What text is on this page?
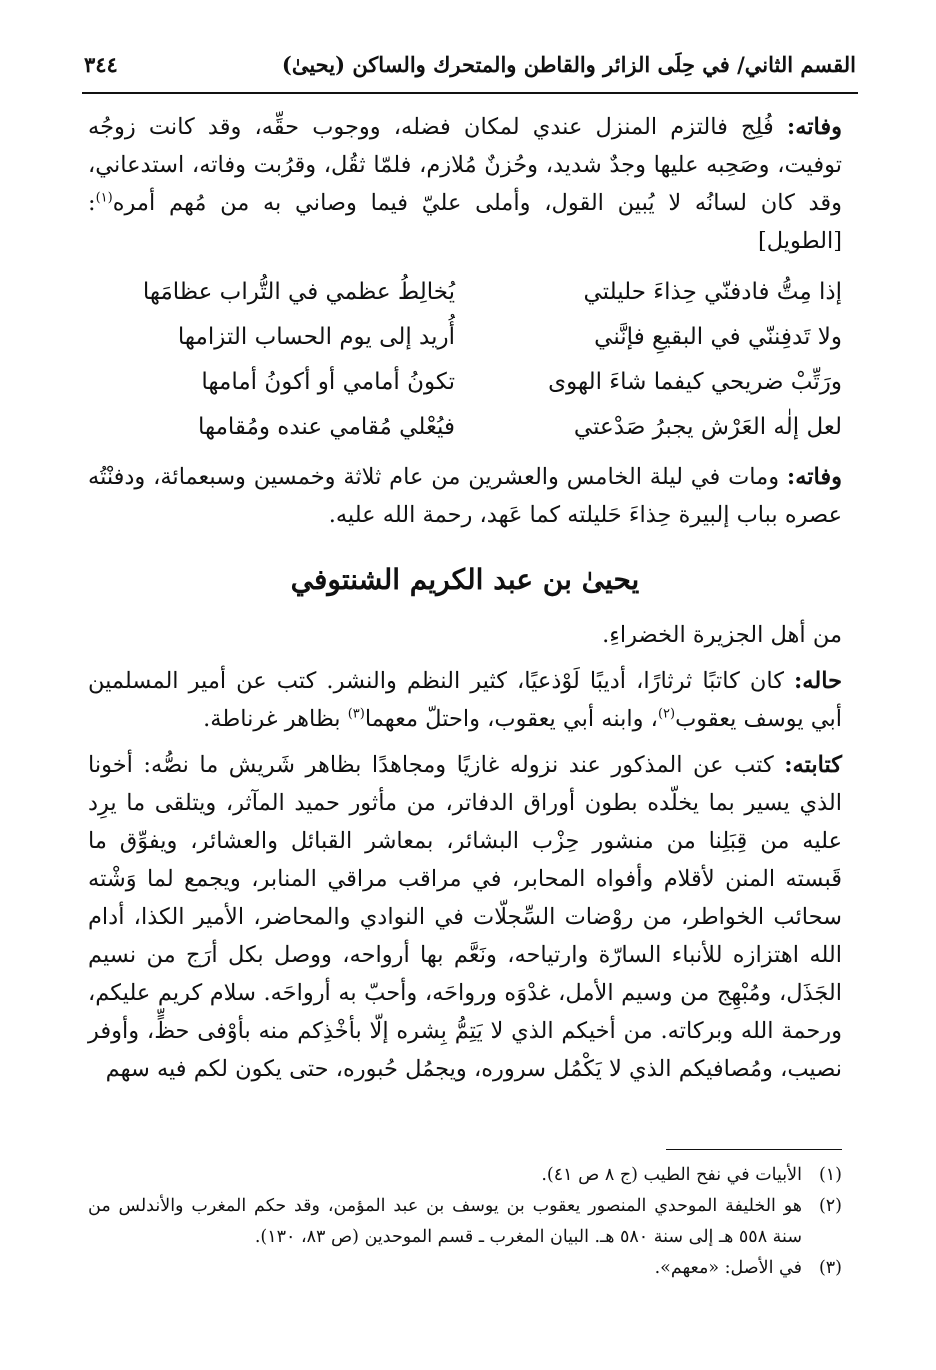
القسم الثاني/ في حِلَى الزائر والقاطن والمتحرك والساكن (يحيىٰ)
٣٤٤

وفاته: فُلِج فالتزم المنزل عندي لمكان فضله، ووجوب حقِّه، وقد كانت زوجُه توفيت، وصَحِبه عليها وجدٌ شديد، وحُزنٌ مُلازم، فلمّا ثقُل، وقرُبت وفاته، استدعاني، وقد كان لسانُه لا يُبين القول، وأملى عليّ فيما وصاني به من مُهم أمره$^{(١)}$: [الطويل]

إذا مِتُّ فادفنّي حِذاءَ حليلتي
يُخالِطُ عظمي في التُّراب عظامَها
ولا تَدفِننّي في البقيعِ فإنَّني
أُريد إلى يوم الحساب التزامها
ورَتِّبْ ضريحي كيفما شاءَ الهوى
تكونُ أمامي أو أكونُ أمامها
لعل إلٰه العَرْش يجبرُ صَدْعتي
فيُعْلي مُقامي عنده ومُقامها

وفاته: ومات في ليلة الخامس والعشرين من عام ثلاثة وخمسين وسبعمائة، ودفنْتُه عصره بباب إلبيرة حِذاءَ حَليلته كما عَهد، رحمة الله عليه.

يحيىٰ بن عبد الكريم الشنتوفي

من أهل الجزيرة الخضراءِ.

حاله: كان كاتبًا ثرثارًا، أديبًا لَوْذعيًا، كثير النظم والنشر. كتب عن أمير المسلمين أبي يوسف يعقوب$^{(٢)}$، وابنه أبي يعقوب، واحتلّ معهما$^{(٣)}$ بظاهر غرناطة.

كتابته: كتب عن المذكور عند نزوله غازيًا ومجاهدًا بظاهر شَريش ما نصُّه: أخونا الذي يسير بما يخلّده بطون أوراق الدفاتر، من مأثور حميد المآثر، ويتلقى ما يرِد عليه من قِبَلِنا من منشور حِزْب البشائر، بمعاشر القبائل والعشائر، ويفوِّق ما قَبسته المنن لأقلام وأفواه المحابر، في مراقب مراقي المنابر، ويجمع لما وَشْته سحائب الخواطر، من روْضات السِّجلّات في النوادي والمحاضر، الأمير الكذا، أدام الله اهتزازه للأنباء السارّة وارتياحه، ونَعَّم بها أرواحه، ووصل بكل أرَج من نسيم الجَذَل، ومُبْهِج من وسيم الأمل، غدْوَه ورواحَه، وأحبّ به أرواحَه. سلام كريم عليكم، ورحمة الله وبركاته. من أخيكم الذي لا يَتِمُّ بِشره إلّا بأخْذِكم منه بأوْفى حظٍّ، وأوفر نصيب، ومُصافيكم الذي لا يَكْمُل سروره، ويجمُل حُبوره، حتى يكون لكم فيه سهم

(١)
الأبيات في نفح الطيب (ج ٨ ص ٤١).
(٢)
هو الخليفة الموحدي المنصور يعقوب بن يوسف بن عبد المؤمن، وقد حكم المغرب والأندلس من سنة ٥٥٨ هـ إلى سنة ٥٨٠ هـ. البيان المغرب ـ قسم الموحدين (ص ٨٣، ١٣٠).
(٣)
في الأصل: «معهم».
